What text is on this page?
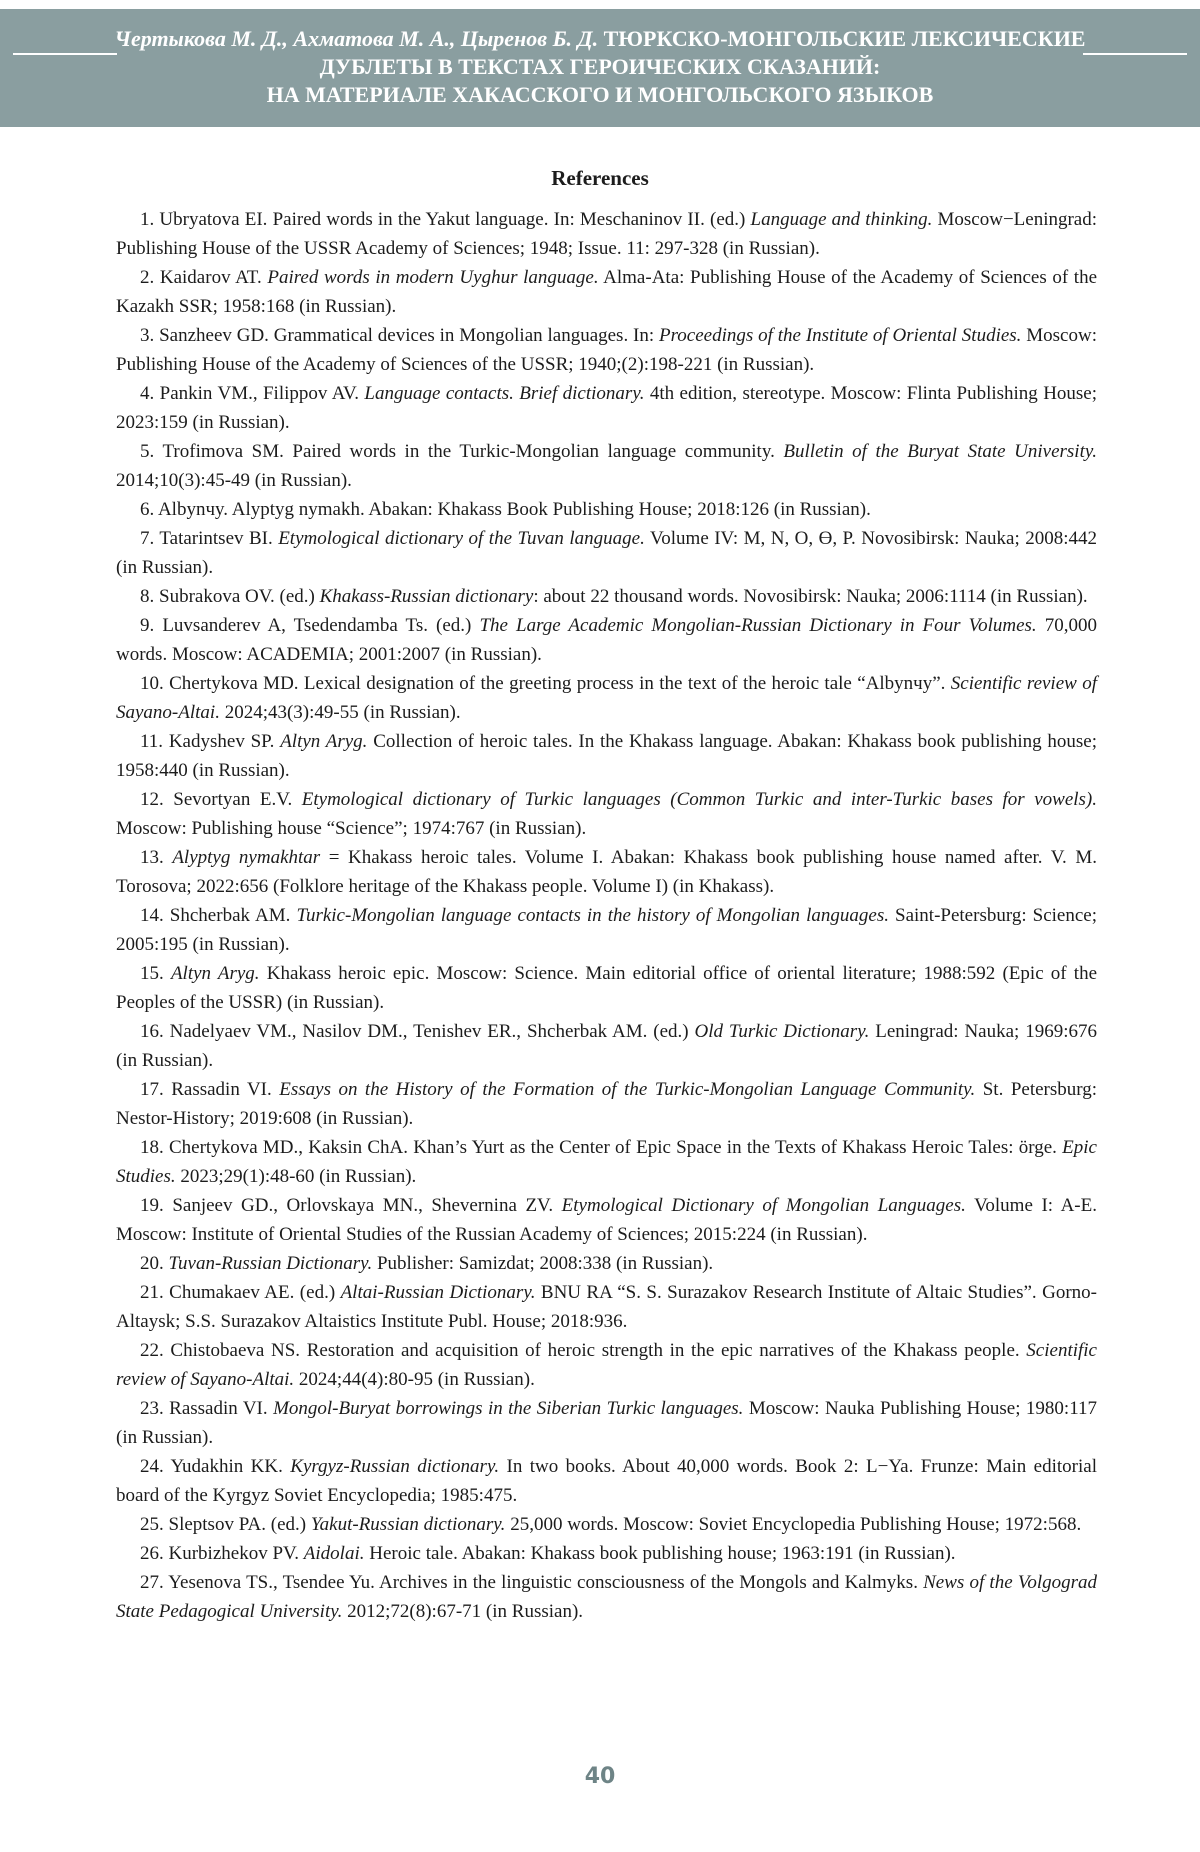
Чертыкова М. Д., Ахматова М. А., Цыренов Б. Д. ТЮРКСКО-МОНГОЛЬСКИЕ ЛЕКСИЧЕСКИЕ
ДУБЛЕТЫ В ТЕКСТАХ ГЕРОИЧЕСКИХ СКАЗАНИЙ:
НА МАТЕРИАЛЕ ХАКАССКОГО И МОНГОЛЬСКОГО ЯЗЫКОВ
References
1. Ubryatova EI. Paired words in the Yakut language. In: Meschaninov II. (ed.) Language and thinking. Moscow−Leningrad: Publishing House of the USSR Academy of Sciences; 1948; Issue. 11: 297-328 (in Russian).
2. Kaidarov AT. Paired words in modern Uyghur language. Alma-Ata: Publishing House of the Academy of Sciences of the Kazakh SSR; 1958:168 (in Russian).
3. Sanzheev GD. Grammatical devices in Mongolian languages. In: Proceedings of the Institute of Oriental Studies. Moscow: Publishing House of the Academy of Sciences of the USSR; 1940;(2):198-221 (in Russian).
4. Pankin VM., Filippov AV. Language contacts. Brief dictionary. 4th edition, stereotype. Moscow: Flinta Publishing House; 2023:159 (in Russian).
5. Trofimova SM. Paired words in the Turkic-Mongolian language community. Bulletin of the Buryat State University. 2014;10(3):45-49 (in Russian).
6. Albynчy. Alyptyg nymakh. Abakan: Khakass Book Publishing House; 2018:126 (in Russian).
7. Tatarintsev BI. Etymological dictionary of the Tuvan language. Volume IV: M, N, O, Ɵ, P. Novosibirsk: Nauka; 2008:442 (in Russian).
8. Subrakova OV. (ed.) Khakass-Russian dictionary: about 22 thousand words. Novosibirsk: Nauka; 2006:1114 (in Russian).
9. Luvsanderev A, Tsedendamba Ts. (ed.) The Large Academic Mongolian-Russian Dictionary in Four Volumes. 70,000 words. Moscow: ACADEMIA; 2001:2007 (in Russian).
10. Chertykova MD. Lexical designation of the greeting process in the text of the heroic tale “Albynчy”. Scientific review of Sayano-Altai. 2024;43(3):49-55 (in Russian).
11. Kadyshev SP. Altyn Aryg. Collection of heroic tales. In the Khakass language. Abakan: Khakass book publishing house; 1958:440 (in Russian).
12. Sevortyan E.V. Etymological dictionary of Turkic languages (Common Turkic and inter-Turkic bases for vowels). Moscow: Publishing house “Science”; 1974:767 (in Russian).
13. Alyptyg nymakhtar = Khakass heroic tales. Volume I. Abakan: Khakass book publishing house named after. V. M. Torosova; 2022:656 (Folklore heritage of the Khakass people. Volume I) (in Khakass).
14. Shcherbak AM. Turkic-Mongolian language contacts in the history of Mongolian languages. Saint-Petersburg: Science; 2005:195 (in Russian).
15. Altyn Aryg. Khakass heroic epic. Moscow: Science. Main editorial office of oriental literature; 1988:592 (Epic of the Peoples of the USSR) (in Russian).
16. Nadelyaev VM., Nasilov DM., Tenishev ER., Shcherbak AM. (ed.) Old Turkic Dictionary. Leningrad: Nauka; 1969:676 (in Russian).
17. Rassadin VI. Essays on the History of the Formation of the Turkic-Mongolian Language Community. St. Petersburg: Nestor-History; 2019:608 (in Russian).
18. Chertykova MD., Kaksin ChA. Khan’s Yurt as the Center of Epic Space in the Texts of Khakass Heroic Tales: örge. Epic Studies. 2023;29(1):48-60 (in Russian).
19. Sanjeev GD., Orlovskaya MN., Shevernina ZV. Etymological Dictionary of Mongolian Languages. Volume I: A-E. Moscow: Institute of Oriental Studies of the Russian Academy of Sciences; 2015:224 (in Russian).
20. Tuvan-Russian Dictionary. Publisher: Samizdat; 2008:338 (in Russian).
21. Chumakaev AE. (ed.) Altai-Russian Dictionary. BNU RA “S. S. Surazakov Research Institute of Altaic Studies”. Gorno-Altaysk; S.S. Surazakov Altaistics Institute Publ. House; 2018:936.
22. Chistobaeva NS. Restoration and acquisition of heroic strength in the epic narratives of the Khakass people. Scientific review of Sayano-Altai. 2024;44(4):80-95 (in Russian).
23. Rassadin VI. Mongol-Buryat borrowings in the Siberian Turkic languages. Moscow: Nauka Publishing House; 1980:117 (in Russian).
24. Yudakhin KK. Kyrgyz-Russian dictionary. In two books. About 40,000 words. Book 2: L−Ya. Frunze: Main editorial board of the Kyrgyz Soviet Encyclopedia; 1985:475.
25. Sleptsov PA. (ed.) Yakut-Russian dictionary. 25,000 words. Moscow: Soviet Encyclopedia Publishing House; 1972:568.
26. Kurbizhekov PV. Aidolai. Heroic tale. Abakan: Khakass book publishing house; 1963:191 (in Russian).
27. Yesenova TS., Tsendee Yu. Archives in the linguistic consciousness of the Mongols and Kalmyks. News of the Volgograd State Pedagogical University. 2012;72(8):67-71 (in Russian).
40
